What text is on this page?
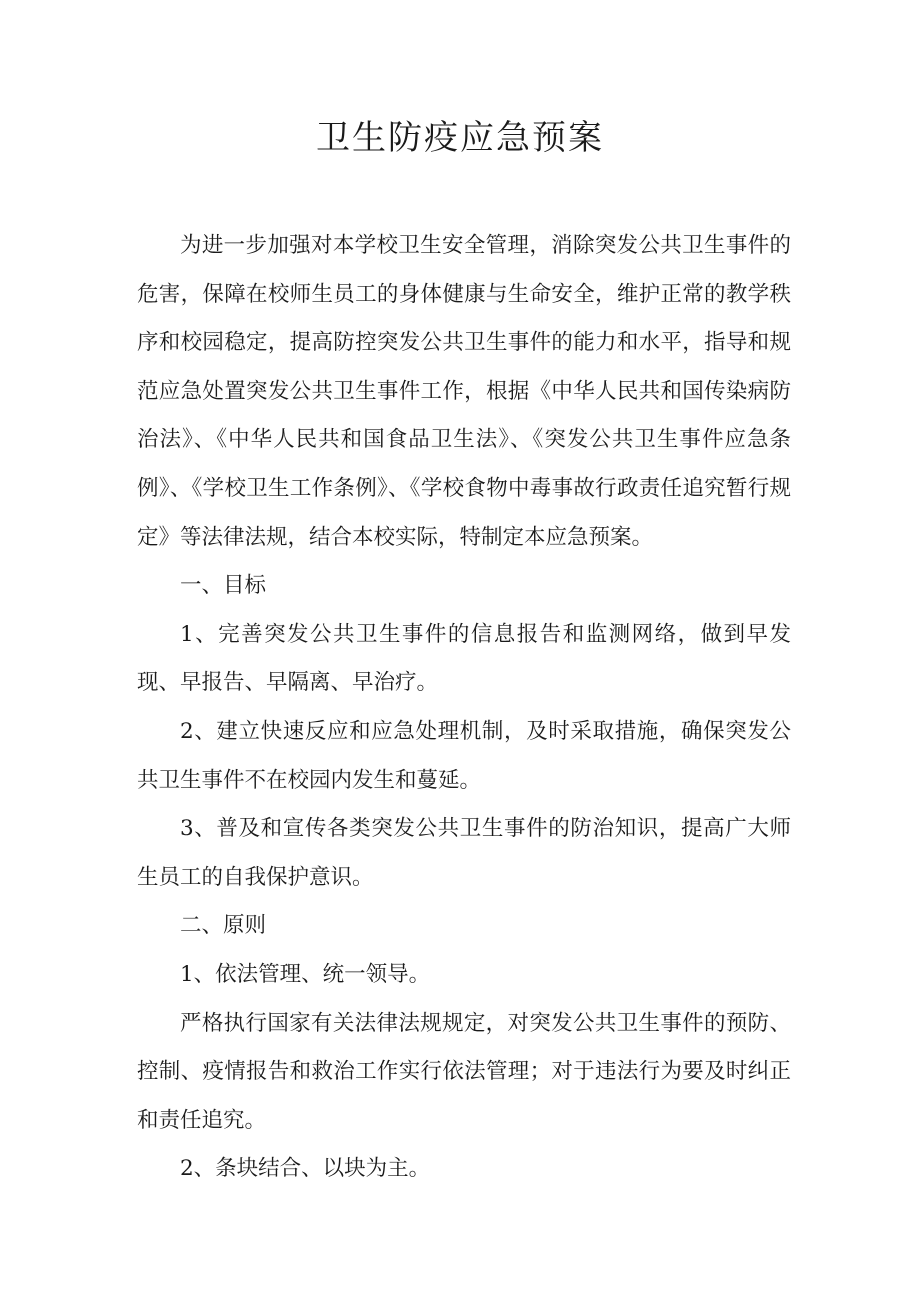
卫生防疫应急预案

为进一步加强对本学校卫生安全管理，消除突发公共卫生事件的危害，保障在校师生员工的身体健康与生命安全，维护正常的教学秩序和校园稳定，提高防控突发公共卫生事件的能力和水平，指导和规范应急处置突发公共卫生事件工作，根据《中华人民共和国传染病防治法》、《中华人民共和国食品卫生法》、《突发公共卫生事件应急条例》、《学校卫生工作条例》、《学校食物中毒事故行政责任追究暂行规定》等法律法规，结合本校实际，特制定本应急预案。

一、目标

1、完善突发公共卫生事件的信息报告和监测网络，做到早发现、早报告、早隔离、早治疗。

2、建立快速反应和应急处理机制，及时采取措施，确保突发公共卫生事件不在校园内发生和蔓延。

3、普及和宣传各类突发公共卫生事件的防治知识，提高广大师生员工的自我保护意识。

二、原则

1、依法管理、统一领导。

严格执行国家有关法律法规规定，对突发公共卫生事件的预防、控制、疫情报告和救治工作实行依法管理；对于违法行为要及时纠正和责任追究。

2、条块结合、以块为主。
